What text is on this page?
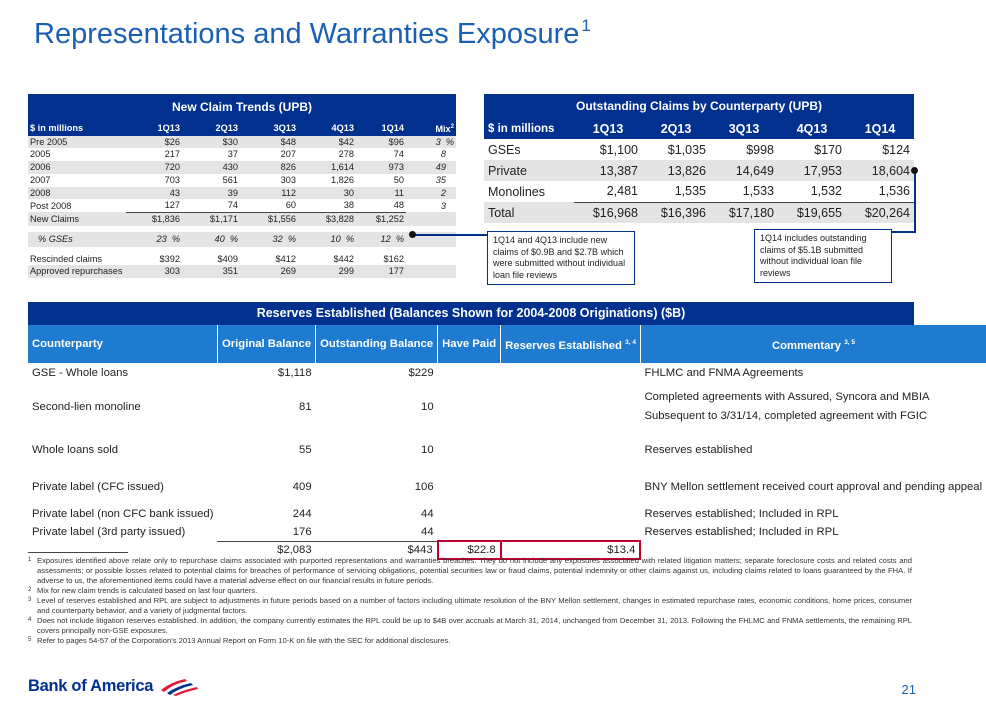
Representations and Warranties Exposure $^1$
New Claim Trends (UPB)
$ in millions	1Q13	2Q13	3Q13	4Q13	1Q14	Mix$^2$
Pre 2005	$26	$30	$48	$42	$96	3 %
2005	217	37	207	278	74	8
2006	720	430	826	1,614	973	49
2007	703	561	303	1,826	50	35
2008	43	39	112	30	11	2
Post 2008	127	74	60	38	48	3
New Claims	$1,836	$1,171	$1,556	$3,828	$1,252	

% GSEs	23 %	40 %	32 %	10 %	12 %	

Rescinded claims	$392	$409	$412	$442	$162	
Approved repurchases	303	351	269	299	177	
Outstanding Claims by Counterparty (UPB)
$ in millions	1Q13	2Q13	3Q13	4Q13	1Q14
GSEs	$1,100	$1,035	$998	$170	$124
Private	13,387	13,826	14,649	17,953	18,604
Monolines	2,481	1,535	1,533	1,532	1,536
Total	$16,968	$16,396	$17,180	$19,655	$20,264
1Q14 and 4Q13 include new claims of $0.9B and $2.7B which were submitted without individual loan file reviews
1Q14 includes outstanding claims of $5.1B submitted without individual loan file reviews
Reserves Established (Balances Shown for 2004-2008 Originations) ($B)
Counterparty	Original Balance	Outstanding Balance	Have Paid	Reserves Established $^{3, 4}$	Commentary $^{3, 5}$
GSE - Whole loans	$1,118	$229			FHLMC and FNMA Agreements
Second-lien monoline	81	10			Completed agreements with Assured, Syncora and MBIA
Subsequent to 3/31/14, completed agreement with FGIC

Whole loans sold	55	10			Reserves established
Private label (CFC issued)	409	106			BNY Mellon settlement received court approval and pending appeal
Private label (non CFC bank issued)	244	44			Reserves established; Included in RPL
Private label (3rd party issued)	176	44			Reserves established; Included in RPL
	$2,083	$443	$22.8	$13.4	
1 Exposures identified above relate only to repurchase claims associated with purported representations and warranties breaches. They do not include any exposures associated with related litigation matters; separate foreclosure costs and related costs and assessments; or possible losses related to potential claims for breaches of performance of servicing obligations, potential securities law or fraud claims, potential indemnity or other claims against us, including claims related to loans guaranteed by the FHA. If adverse to us, the aforementioned items could have a material adverse effect on our financial results in future periods.
2 Mix for new claim trends is calculated based on last four quarters.
3 Level of reserves established and RPL are subject to adjustments in future periods based on a number of factors including ultimate resolution of the BNY Mellon settlement, changes in estimated repurchase rates, economic conditions, home prices, consumer and counterparty behavior, and a variety of judgmental factors.
4 Does not include litigation reserves established. In addition, the company currently estimates the RPL could be up to $4B over accruals at March 31, 2014, unchanged from December 31, 2013. Following the FHLMC and FNMA settlements, the remaining RPL covers principally non-GSE exposures.
5 Refer to pages 54-57 of the Corporation's 2013 Annual Report on Form 10-K on file with the SEC for additional disclosures.
Bank of America	21
